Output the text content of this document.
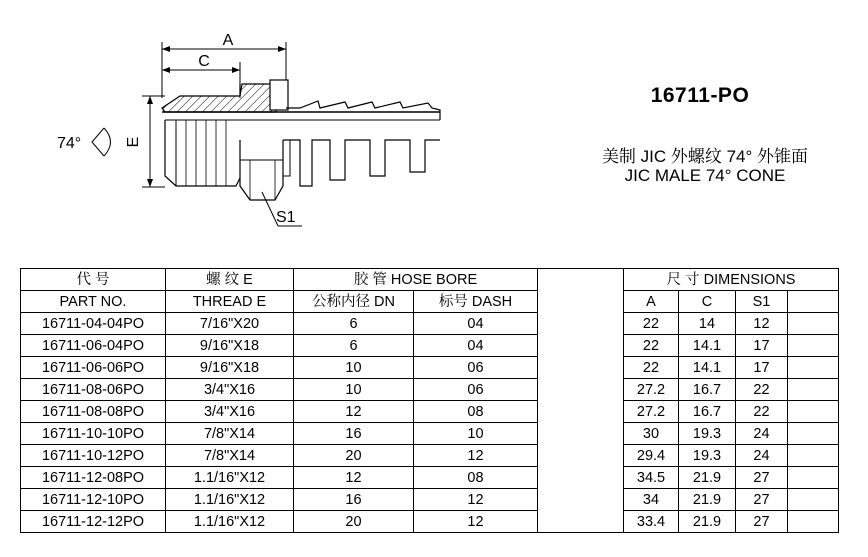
A
C
E
74°
S1
16711-PO
美制 JIC 外螺纹 74° 外锥面
JIC MALE 74° CONE
代 号	螺 纹 E	胶 管 HOSE BORE			尺 寸 DIMENSIONS			
PART NO.	THREAD E	公称内径 DN	标号 DASH		A	C	S1	
16711-04-04PO	7/16"X20	6	04		22	14	12	
16711-06-04PO	9/16"X18	6	04		22	14.1	17	
16711-06-06PO	9/16"X18	10	06		22	14.1	17	
16711-08-06PO	3/4"X16	10	06		27.2	16.7	22	
16711-08-08PO	3/4"X16	12	08		27.2	16.7	22	
16711-10-10PO	7/8"X14	16	10		30	19.3	24	
16711-10-12PO	7/8"X14	20	12		29.4	19.3	24	
16711-12-08PO	1.1/16"X12	12	08		34.5	21.9	27	
16711-12-10PO	1.1/16"X12	16	12		34	21.9	27	
16711-12-12PO	1.1/16"X12	20	12		33.4	21.9	27	
